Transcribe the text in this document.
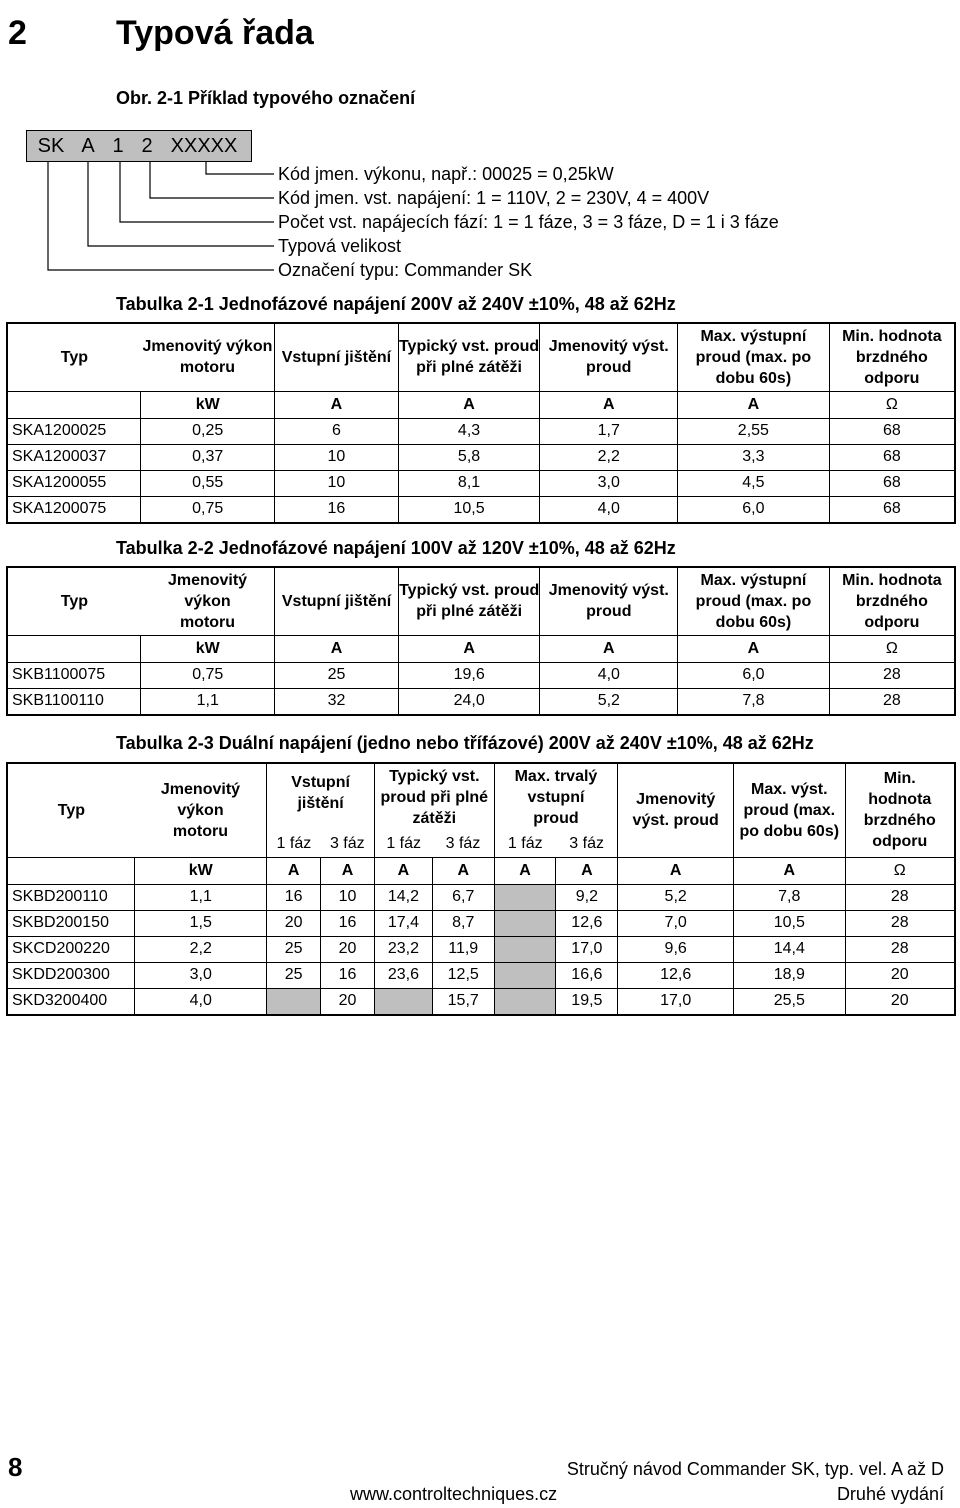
2	Typová řada
Obr. 2-1 Příklad typového označení
SK A 1 2 XXXXX
Kód jmen. výkonu, např.: 00025 = 0,25kW
Kód jmen. vst. napájení: 1 = 110V, 2 = 230V, 4 = 400V
Počet vst. napájecích fází: 1 = 1 fáze, 3 = 3 fáze, D = 1 i 3 fáze
Typová velikost
Označení typu: Commander SK
Tabulka 2-1 Jednofázové napájení 200V až 240V ±10%, 48 až 62Hz
Typ	Jmenovitý výkon motoru	Vstupní jištění	Typický vst. proud při plné zátěži	Jmenovitý výst. proud	Max. výstupní proud (max. po dobu 60s)	Min. hodnota brzdného odporu
	kW	A	A	A	A	Ω
SKA1200025	0,25	6	4,3	1,7	2,55	68
SKA1200037	0,37	10	5,8	2,2	3,3	68
SKA1200055	0,55	10	8,1	3,0	4,5	68
SKA1200075	0,75	16	10,5	4,0	6,0	68
Tabulka 2-2 Jednofázové napájení 100V až 120V ±10%, 48 až 62Hz
Typ	Jmenovitý výkon motoru	Vstupní jištění	Typický vst. proud při plné zátěži	Jmenovitý výst. proud	Max. výstupní proud (max. po dobu 60s)	Min. hodnota brzdného odporu
	kW	A	A	A	A	Ω
SKB1100075	0,75	25	19,6	4,0	6,0	28
SKB1100110	1,1	32	24,0	5,2	7,8	28
Tabulka 2-3 Duální napájení (jedno nebo třífázové) 200V až 240V ±10%, 48 až 62Hz
Typ	Jmenovitý výkon motoru	Vstupní jištění		Typický vst. proud při plné zátěži		Max. trvalý vstupní proud		Jmenovitý výst. proud	Max. výst. proud (max. po dobu 60s)	Min. hodnota brzdného odporu
		1 fáz	3 fáz	1 fáz	3 fáz	1 fáz	3 fáz			
	kW	A	A	A	A	A	A	A	A	Ω
SKBD200110	1,1	16	10	14,2	6,7		9,2	5,2	7,8	28
SKBD200150	1,5	20	16	17,4	8,7		12,6	7,0	10,5	28
SKCD200220	2,2	25	20	23,2	11,9		17,0	9,6	14,4	28
SKDD200300	3,0	25	16	23,6	12,5		16,6	12,6	18,9	20
SKD3200400	4,0		20		15,7		19,5	17,0	25,5	20
8	Stručný návod Commander SK, typ. vel. A až D
www.controltechniques.cz	Druhé vydání
